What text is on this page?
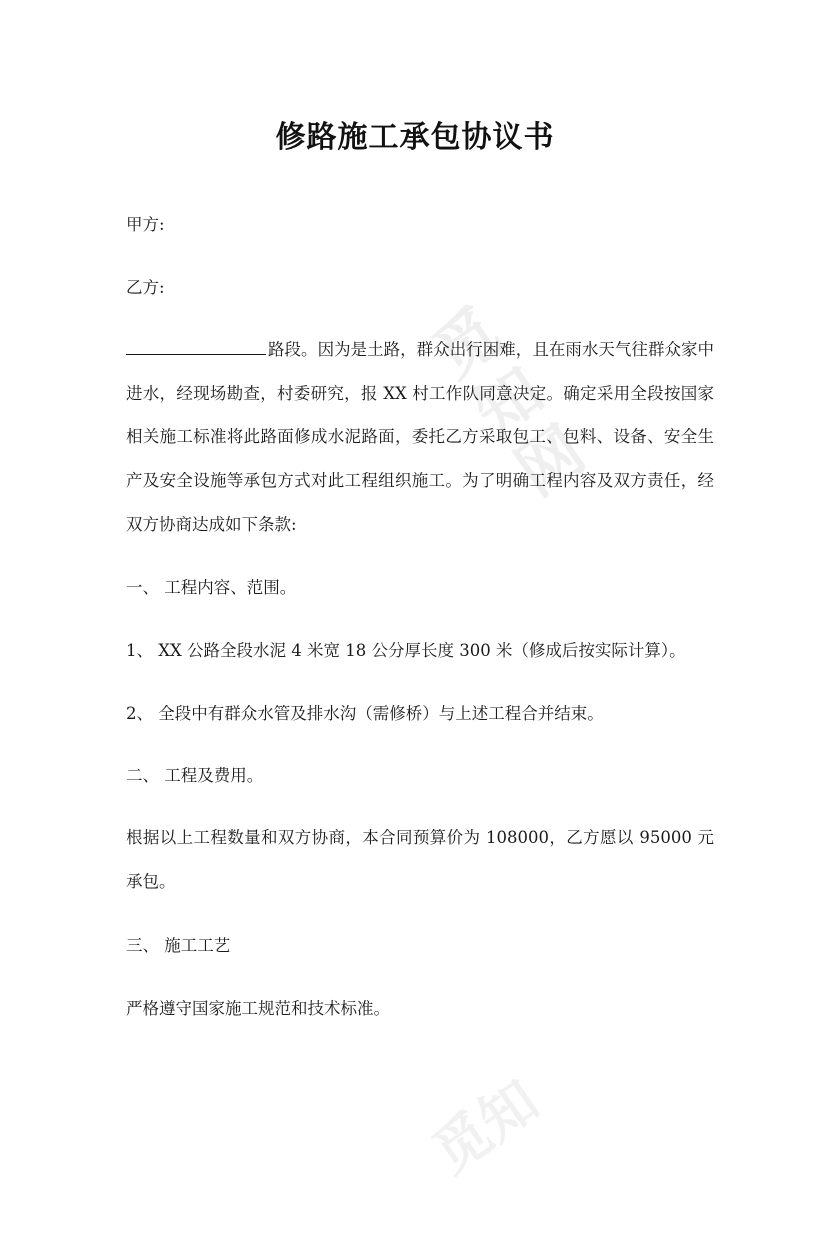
觅
知
网
觅知
修路施工承包协议书
甲方:
乙方:
路段。因为是土路，群众出行困难，且在雨水天气往群众家中进水，经现场勘查，村委研究，报 XX 村工作队同意决定。确定采用全段按国家相关施工标准将此路面修成水泥路面，委托乙方采取包工、包料、设备、安全生产及安全设施等承包方式对此工程组织施工。为了明确工程内容及双方责任，经双方协商达成如下条款:
一、 工程内容、范围。
1、 XX 公路全段水泥 4 米宽 18 公分厚长度 300 米（修成后按实际计算）。
2、 全段中有群众水管及排水沟（需修桥）与上述工程合并结束。
二、 工程及费用。
根据以上工程数量和双方协商，本合同预算价为 108000，乙方愿以 95000 元承包。
三、 施工工艺
严格遵守国家施工规范和技术标准。
